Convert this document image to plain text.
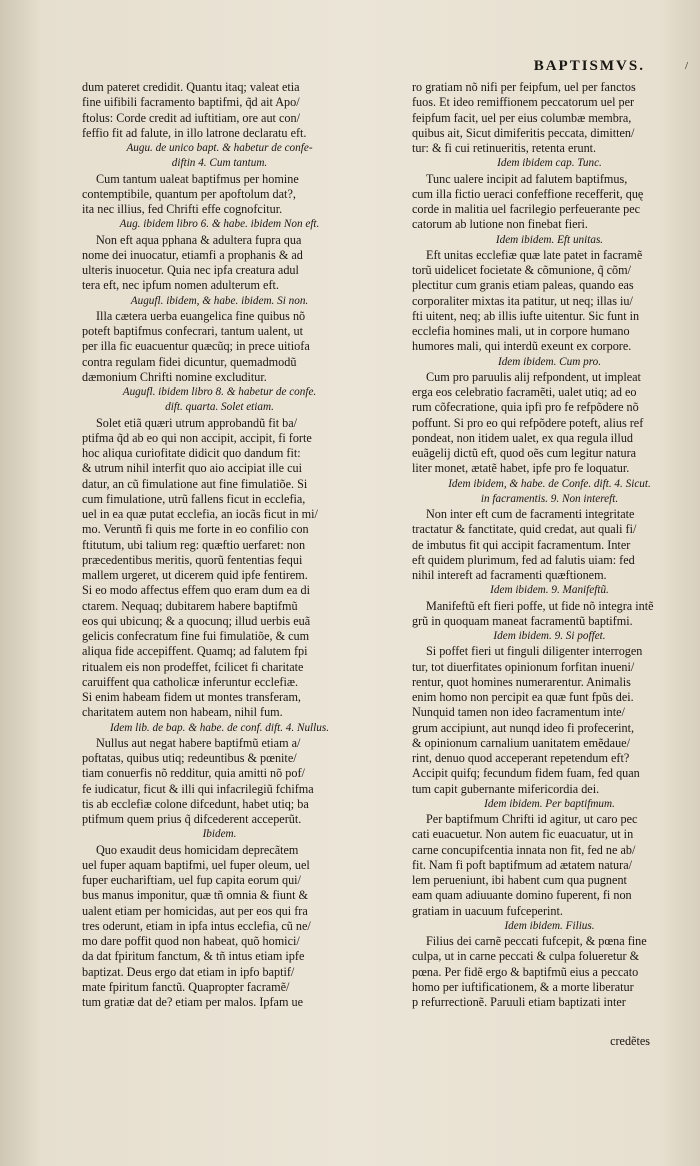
BAPTISMVS.	/

dum pateret credidit. Quantu itaq; valeat etia

fine uifibili facramento baptifmi, q̃d ait Apo/

ftolus: Corde credit ad iuftitiam, ore aut con/

feffio fit ad falute, in illo latrone declaratu eft.

Augu. de unico bapt. & habetur de confe-

diftin 4. Cum tantum.

Cum tantum ualeat baptifmus per homine

contemptibile, quantum per apoftolum dat?,

ita nec illius, fed Chrifti effe cognofcitur.

Aug. ibidem libro 6. & habe. ibidem Non eft.

Non eft aqua pphana & adultera fupra qua

nome dei inuocatur, etiamfi a prophanis & ad

ulteris inuocetur. Quia nec ipfa creatura adul

tera eft, nec ipfum nomen adulterum eft.

Augufl. ibidem, & habe. ibidem. Si non.

Illa cætera uerba euangelica fine quibus nõ

poteft baptifmus confecrari, tantum ualent, ut

per illa fic euacuentur quæcũq; in prece uitiofa

contra regulam fidei dicuntur, quemadmodũ

dæmonium Chrifti nomine excluditur.

Augufl. ibidem libro 8. & habetur de confe.

dift. quarta. Solet etiam.

Solet etiã quæri utrum approbandũ fit ba/

ptifma q̃d ab eo qui non accipit, accipit, fi forte

hoc aliqua curiofitate didicit quo dandum fit:

& utrum nihil interfit quo aio accipiat ille cui

datur, an cũ fimulatione aut fine fimulatiõe. Si

cum fimulatione, utrũ fallens ficut in ecclefia,

uel in ea quæ putat ecclefia, an iocãs ficut in mi/

mo. Veruntñ fi quis me forte in eo confilio con

ftitutum, ubi talium reg: quæftio uerfaret: non

præcedentibus meritis, quorũ fententias fequi

mallem urgeret, ut dicerem quid ipfe fentirem.

Si eo modo affectus effem quo eram dum ea di

ctarem. Nequaq; dubitarem habere baptifmũ

eos qui ubicunq; & a quocunq; illud uerbis euã

gelicis confecratum fine fui fimulatiõe, & cum

aliqua fide accepiffent. Quamq; ad falutem fpi

ritualem eis non prodeffet, fcilicet fi charitate

caruiffent qua catholicæ inferuntur ecclefiæ.

Si enim habeam fidem ut montes transferam,

charitatem autem non habeam, nihil fum.

Idem lib. de bap. & habe. de conf. dift. 4. Nullus.

Nullus aut negat habere baptifmũ etiam a/

poftatas, quibus utiq; redeuntibus & pœnite/

tiam conuerfis nõ redditur, quia amitti nõ pof/

fe iudicatur, ficut & illi qui infacrilegiũ fchifma

tis ab ecclefiæ colone difcedunt, habet utiq; ba

ptifmum quem prius q̃ difcederent acceperũt.

Ibidem.

Quo exaudit deus homicidam deprecãtem

uel fuper aquam baptifmi, uel fuper oleum, uel

fuper euchariftiam, uel fup capita eorum qui/

bus manus imponitur, quæ tñ omnia & fiunt &

ualent etiam per homicidas, aut per eos qui fra

tres oderunt, etiam in ipfa intus ecclefia, cũ ne/

mo dare poffit quod non habeat, quõ homici/

da dat fpiritum fanctum, & tñ intus etiam ipfe

baptizat. Deus ergo dat etiam in ipfo baptif/

mate fpiritum fanctũ. Quapropter facramẽ/

tum gratiæ dat de? etiam per malos. Ipfam ue

ro gratiam nõ nifi per feipfum, uel per fanctos

fuos. Et ideo remiffionem peccatorum uel per

feipfum facit, uel per eius columbæ membra,

quibus ait, Sicut dimiferitis peccata, dimitten/

tur: & fi cui retinueritis, retenta erunt.

Idem ibidem cap. Tunc.

Tunc ualere incipit ad falutem baptifmus,

cum illa fictio ueraci confeffione recefferit, quę

corde in malitia uel facrilegio perfeuerante pec

catorum ab lutione non finebat fieri.

Idem ibidem. Eft unitas.

Eft unitas ecclefiæ quæ late patet in facramẽ

torũ uidelicet focietate & cõmunione, q̃ cõm/

plectitur cum granis etiam paleas, quando eas

corporaliter mixtas ita patitur, ut neq; illas iu/

fti uitent, neq; ab illis iufte uitentur. Sic funt in

ecclefia homines mali, ut in corpore humano

humores mali, qui interdũ exeunt ex corpore.

Idem ibidem. Cum pro.

Cum pro paruulis alij refpondent, ut impleat

erga eos celebratio facramẽti, ualet utiq; ad eo

rum cõfecratione, quia ipfi pro fe refpõdere nõ

poffunt. Si pro eo qui refpõdere poteft, alius ref

pondeat, non itidem ualet, ex qua regula illud

euãgelij dictũ eft, quod oẽs cum legitur natura

liter monet, ætatẽ habet, ipfe pro fe loquatur.

Idem ibidem, & habe. de Confe. dift. 4. Sicut.

in facramentis. 9. Non intereft.

Non inter eft cum de facramenti integritate

tractatur & fanctitate, quid credat, aut quali fi/

de imbutus fit qui accipit facramentum. Inter

eft quidem plurimum, fed ad falutis uiam: fed

nihil intereft ad facramenti quæftionem.

Idem ibidem. 9. Manifeftũ.

Manifeftũ eft fieri poffe, ut fide nõ integra intẽ

grũ in quoquam maneat facramentũ baptifmi.

Idem ibidem. 9. Si poffet.

Si poffet fieri ut finguli diligenter interrogen

tur, tot diuerfitates opinionum forfitan inueni/

rentur, quot homines numerarentur. Animalis

enim homo non percipit ea quæ funt fpũs dei.

Nunquid tamen non ideo facramentum inte/

grum accipiunt, aut nunqd ideo fi profecerint,

& opinionum carnalium uanitatem emẽdaue/

rint, denuo quod acceperant repetendum eft?

Accipit quifq; fecundum fidem fuam, fed quan

tum capit gubernante mifericordia dei.

Idem ibidem. Per baptifmum.

Per baptifmum Chrifti id agitur, ut caro pec

cati euacuetur. Non autem fic euacuatur, ut in

carne concupifcentia innata non fit, fed ne ab/

fit. Nam fi poft baptifmum ad ætatem natura/

lem perueniunt, ibi habent cum qua pugnent

eam quam adiuuante domino fuperent, fi non

gratiam in uacuum fufceperint.

Idem ibidem. Filius.

Filius dei carnẽ peccati fufcepit, & pœna fine

culpa, ut in carne peccati & culpa folueretur &

pœna. Per fidẽ ergo & baptifmũ eius a peccato

homo per iuftificationem, & a morte liberatur

p refurrectionẽ. Paruuli etiam baptizati inter

credẽtes
